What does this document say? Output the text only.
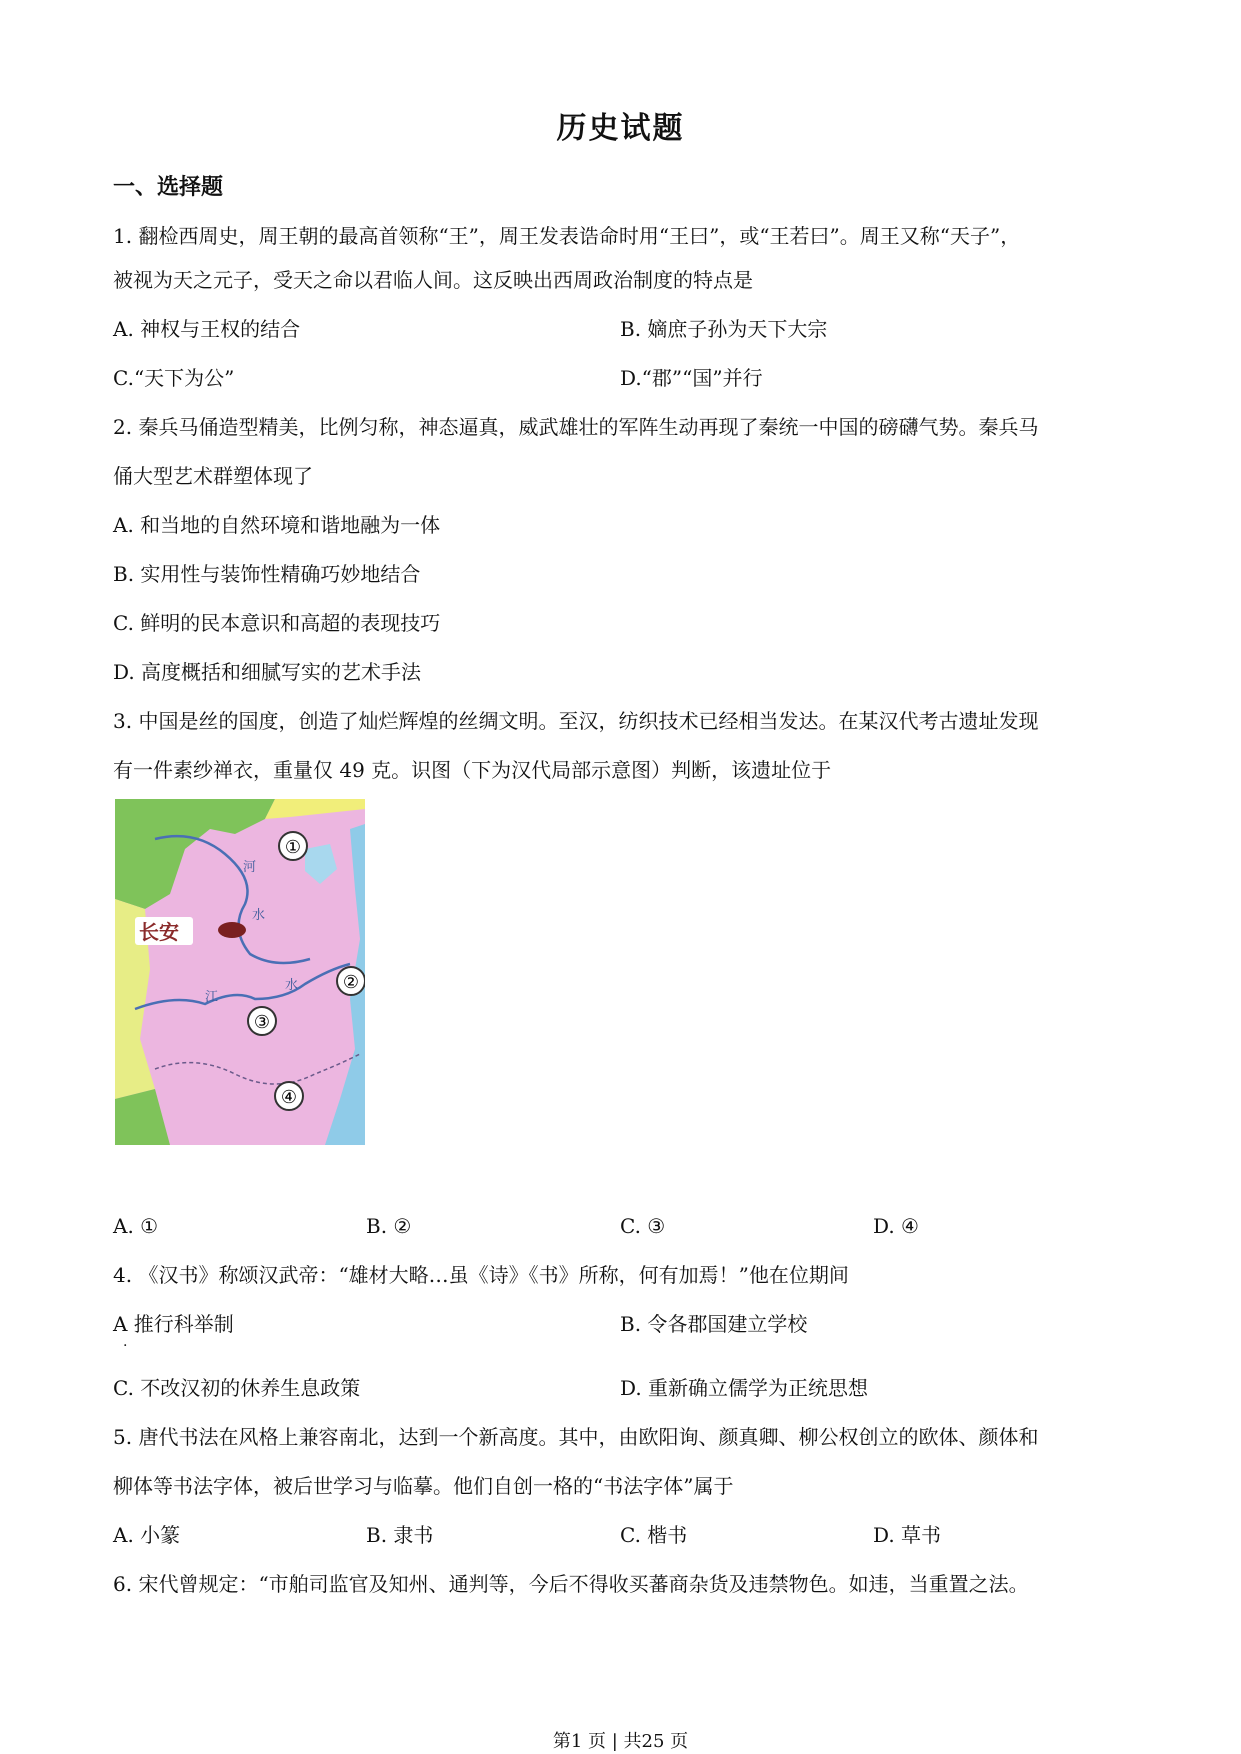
历史试题
一、选择题
1. 翻检西周史，周王朝的最高首领称“王”，周王发表诰命时用“王曰”，或“王若曰”。周王又称“天子”，
被视为天之元子，受天之命以君临人间。这反映出西周政治制度的特点是
A. 神权与王权的结合	B. 嫡庶子孙为天下大宗
C.“天下为公”	D.“郡”“国”并行
2. 秦兵马俑造型精美，比例匀称，神态逼真，威武雄壮的军阵生动再现了秦统一中国的磅礴气势。秦兵马
俑大型艺术群塑体现了
A. 和当地的自然环境和谐地融为一体
B. 实用性与装饰性精确巧妙地结合
C. 鲜明的民本意识和高超的表现技巧
D. 高度概括和细腻写实的艺术手法
3. 中国是丝的国度，创造了灿烂辉煌的丝绸文明。至汉，纺织技术已经相当发达。在某汉代考古遗址发现
有一件素纱禅衣，重量仅 49 克。识图（下为汉代局部示意图）判断，该遗址位于
长安
河
水
江
水
①
②
③
④
A. ①	B. ②	C. ③	D. ④
4. 《汉书》称颂汉武帝：“雄材大略…虽《诗》《书》所称，何有加焉！”他在位期间
A 推行科举制	B. 令各郡国建立学校
.
C. 不改汉初的休养生息政策	D. 重新确立儒学为正统思想
5. 唐代书法在风格上兼容南北，达到一个新高度。其中，由欧阳询、颜真卿、柳公权创立的欧体、颜体和
柳体等书法字体，被后世学习与临摹。他们自创一格的“书法字体”属于
A. 小篆	B. 隶书	C. 楷书	D. 草书
6. 宋代曾规定：“市舶司监官及知州、通判等，今后不得收买蕃商杂货及违禁物色。如违，当重置之法。
第1 页 | 共25 页
